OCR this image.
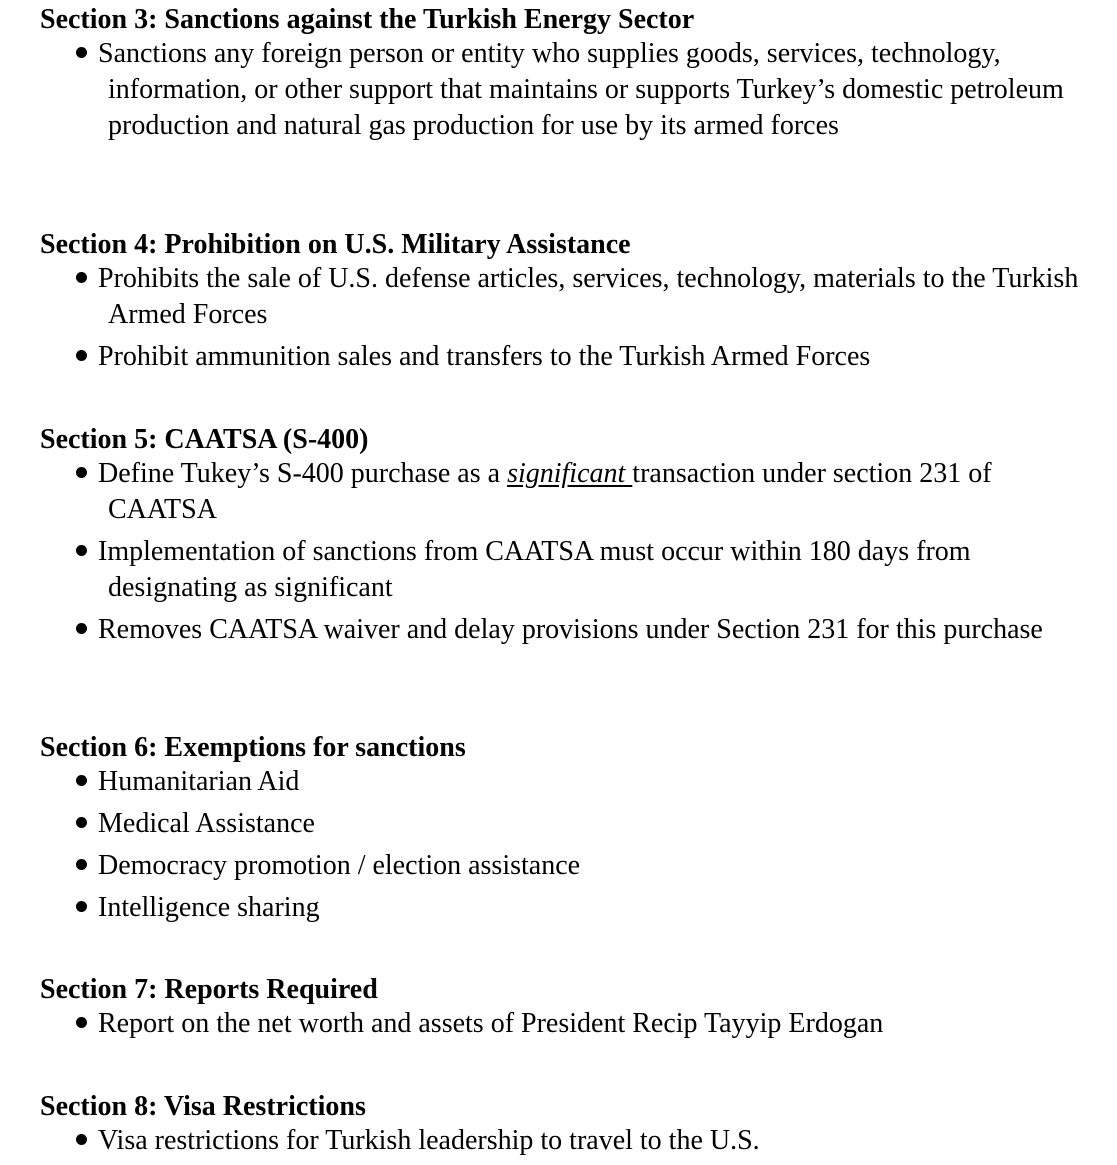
Section 3: Sanctions against the Turkish Energy Sector
Sanctions any foreign person or entity who supplies goods, services, technology, information, or other support that maintains or supports Turkey’s domestic petroleum production and natural gas production for use by its armed forces
Section 4: Prohibition on U.S. Military Assistance
Prohibits the sale of U.S. defense articles, services, technology, materials to the Turkish Armed Forces
Prohibit ammunition sales and transfers to the Turkish Armed Forces
Section 5: CAATSA (S-400)
Define Tukey’s S-400 purchase as a significant transaction under section 231 of CAATSA
Implementation of sanctions from CAATSA must occur within 180 days from designating as significant
Removes CAATSA waiver and delay provisions under Section 231 for this purchase
Section 6: Exemptions for sanctions
Humanitarian Aid
Medical Assistance
Democracy promotion / election assistance
Intelligence sharing
Section 7: Reports Required
Report on the net worth and assets of President Recip Tayyip Erdogan
Section 8: Visa Restrictions
Visa restrictions for Turkish leadership to travel to the U.S.
